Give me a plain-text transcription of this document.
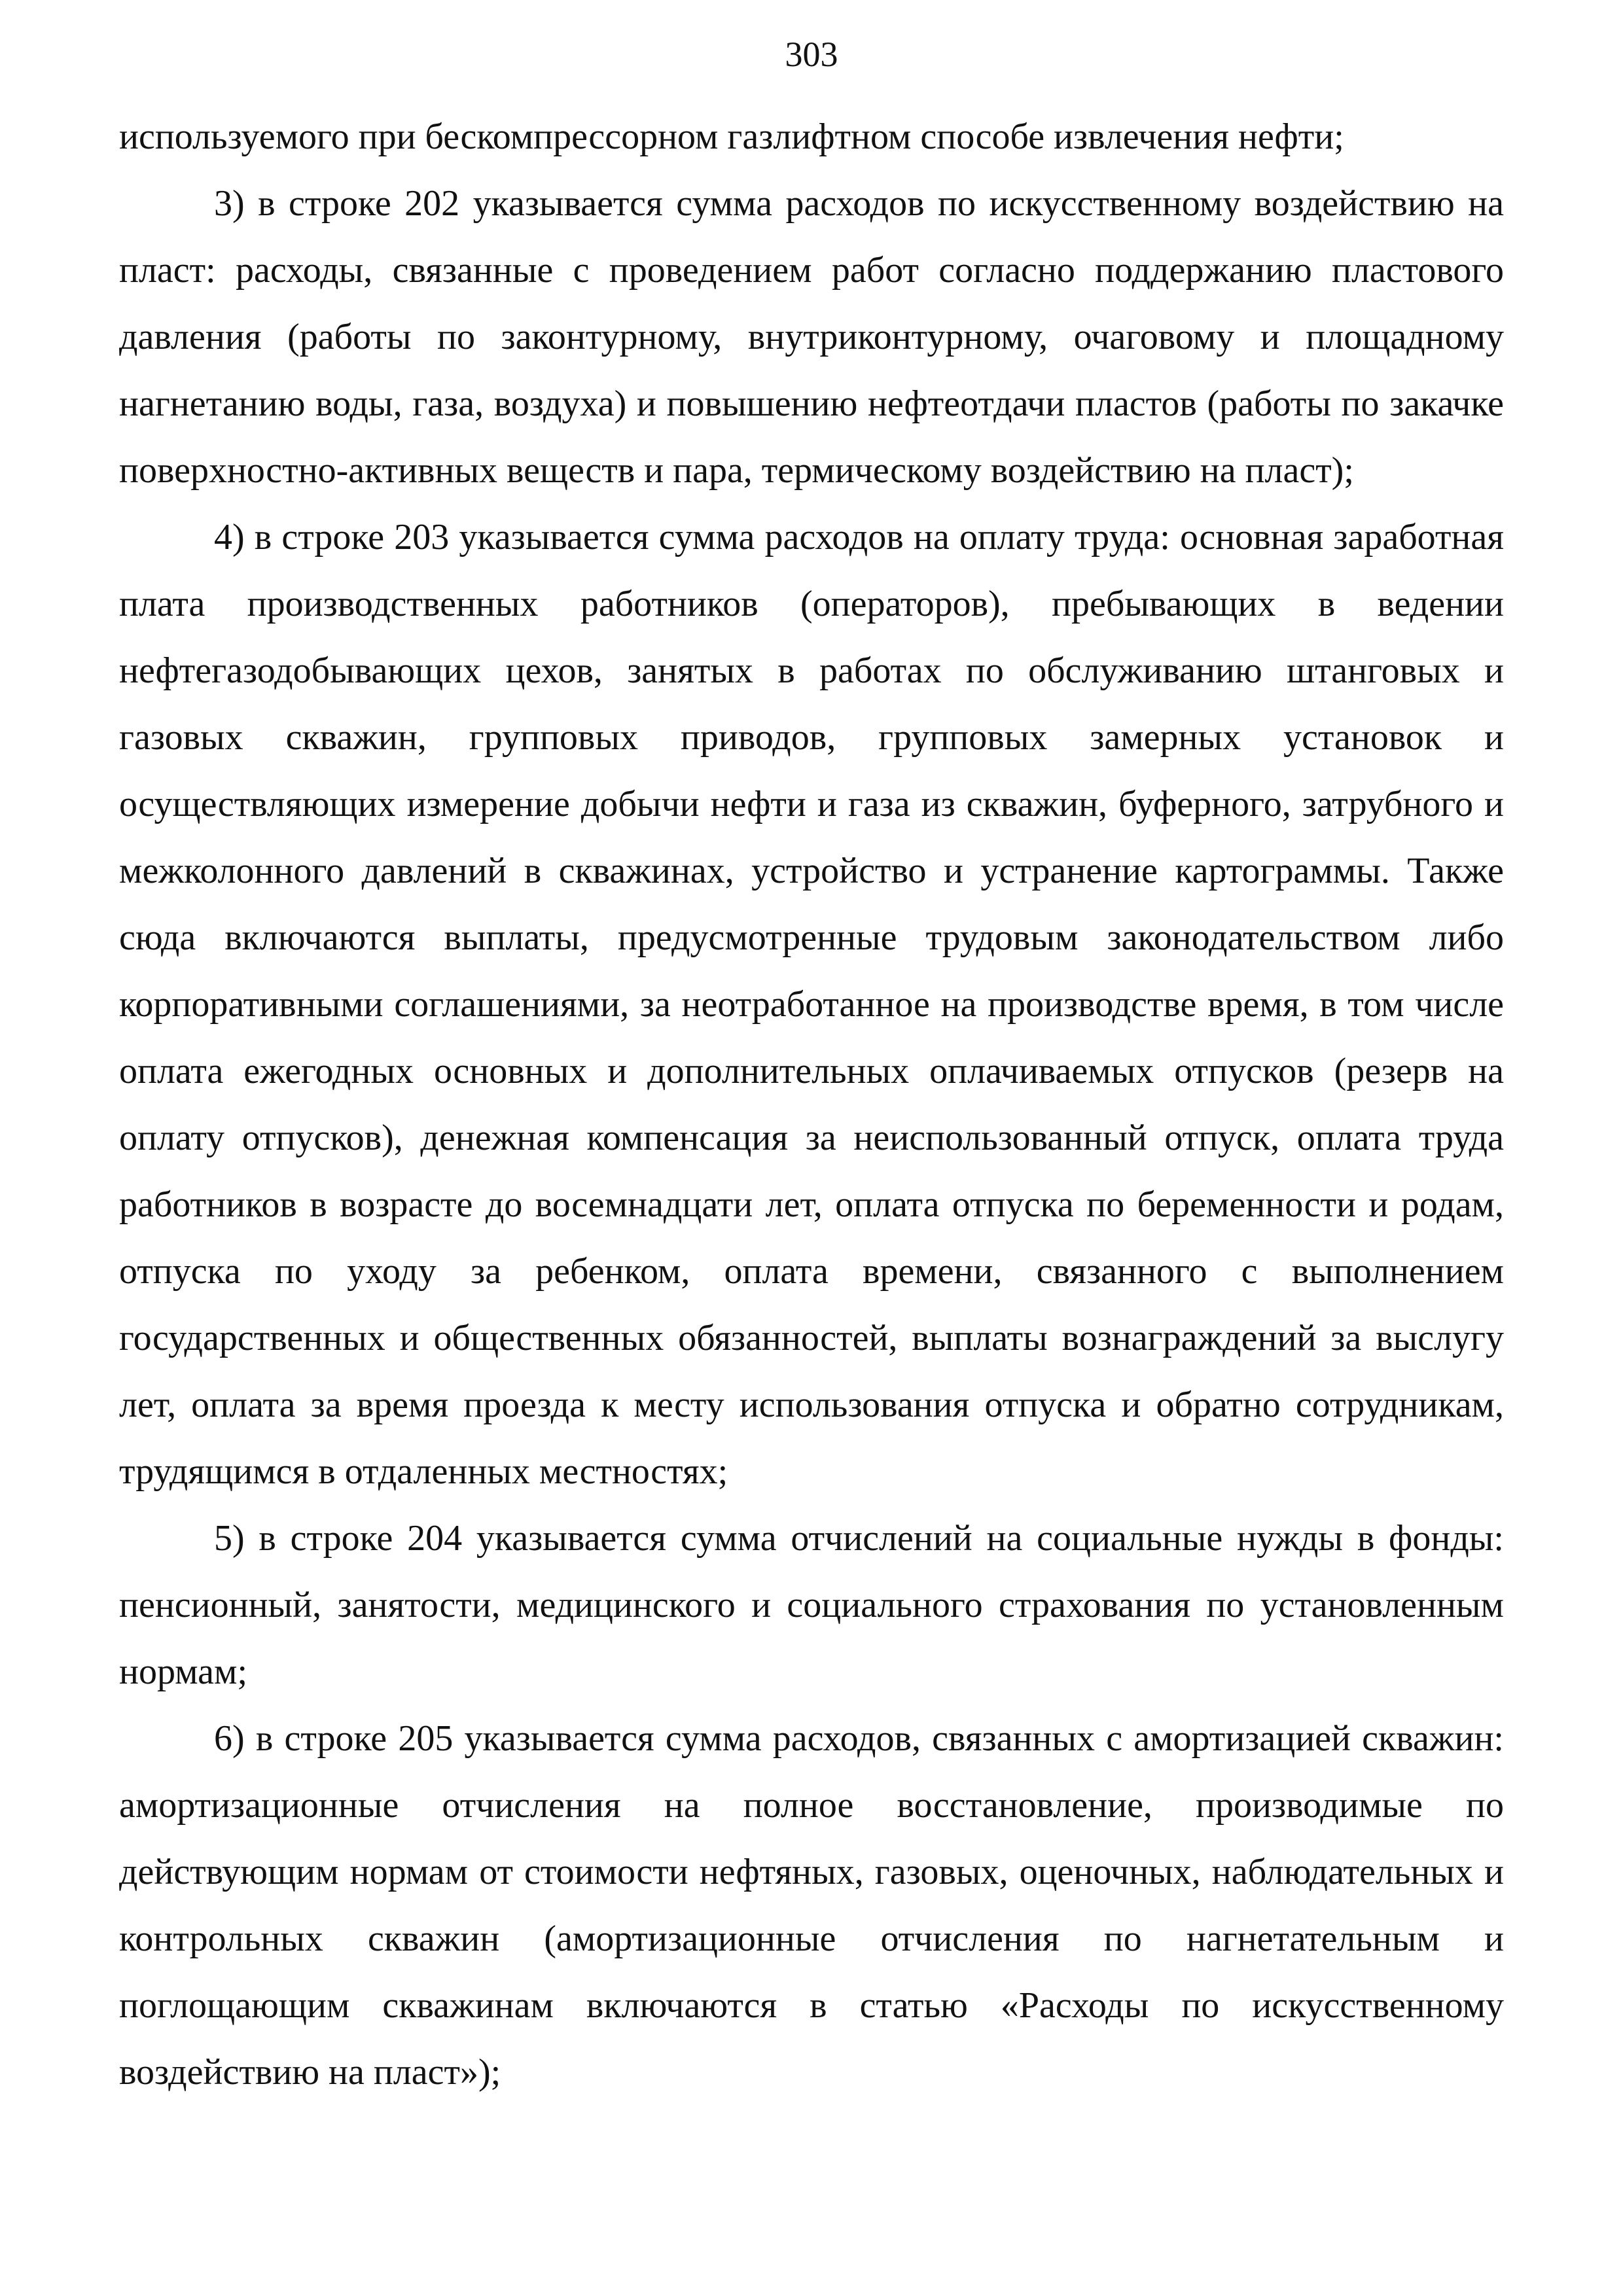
303

используемого при бескомпрессорном газлифтном способе извлечения нефти;

3) в строке 202 указывается сумма расходов по искусственному воздействию на пласт: расходы, связанные с проведением работ согласно поддержанию пластового давления (работы по законтурному, внутриконтурному, очаговому и площадному нагнетанию воды, газа, воздуха) и повышению нефтеотдачи пластов (работы по закачке поверхностно-активных веществ и пара, термическому воздействию на пласт);

4) в строке 203 указывается сумма расходов на оплату труда: основная заработная плата производственных работников (операторов), пребывающих в ведении нефтегазодобывающих цехов, занятых в работах по обслуживанию штанговых и газовых скважин, групповых приводов, групповых замерных установок и осуществляющих измерение добычи нефти и газа из скважин, буферного, затрубного и межколонного давлений в скважинах, устройство и устранение картограммы. Также сюда включаются выплаты, предусмотренные трудовым законодательством либо корпоративными соглашениями, за неотработанное на производстве время, в том числе оплата ежегодных основных и дополнительных оплачиваемых отпусков (резерв на оплату отпусков), денежная компенсация за неиспользованный отпуск, оплата труда работников в возрасте до восемнадцати лет, оплата отпуска по беременности и родам, отпуска по уходу за ребенком, оплата времени, связанного с выполнением государственных и общественных обязанностей, выплаты вознаграждений за выслугу лет, оплата за время проезда к месту использования отпуска и обратно сотрудникам, трудящимся в отдаленных местностях;

5) в строке 204 указывается сумма отчислений на социальные нужды в фонды: пенсионный, занятости, медицинского и социального страхования по установленным нормам;

6) в строке 205 указывается сумма расходов, связанных с амортизацией скважин: амортизационные отчисления на полное восстановление, производимые по действующим нормам от стоимости нефтяных, газовых, оценочных, наблюдательных и контрольных скважин (амортизационные отчисления по нагнетательным и поглощающим скважинам включаются в статью «Расходы по искусственному воздействию на пласт»);
